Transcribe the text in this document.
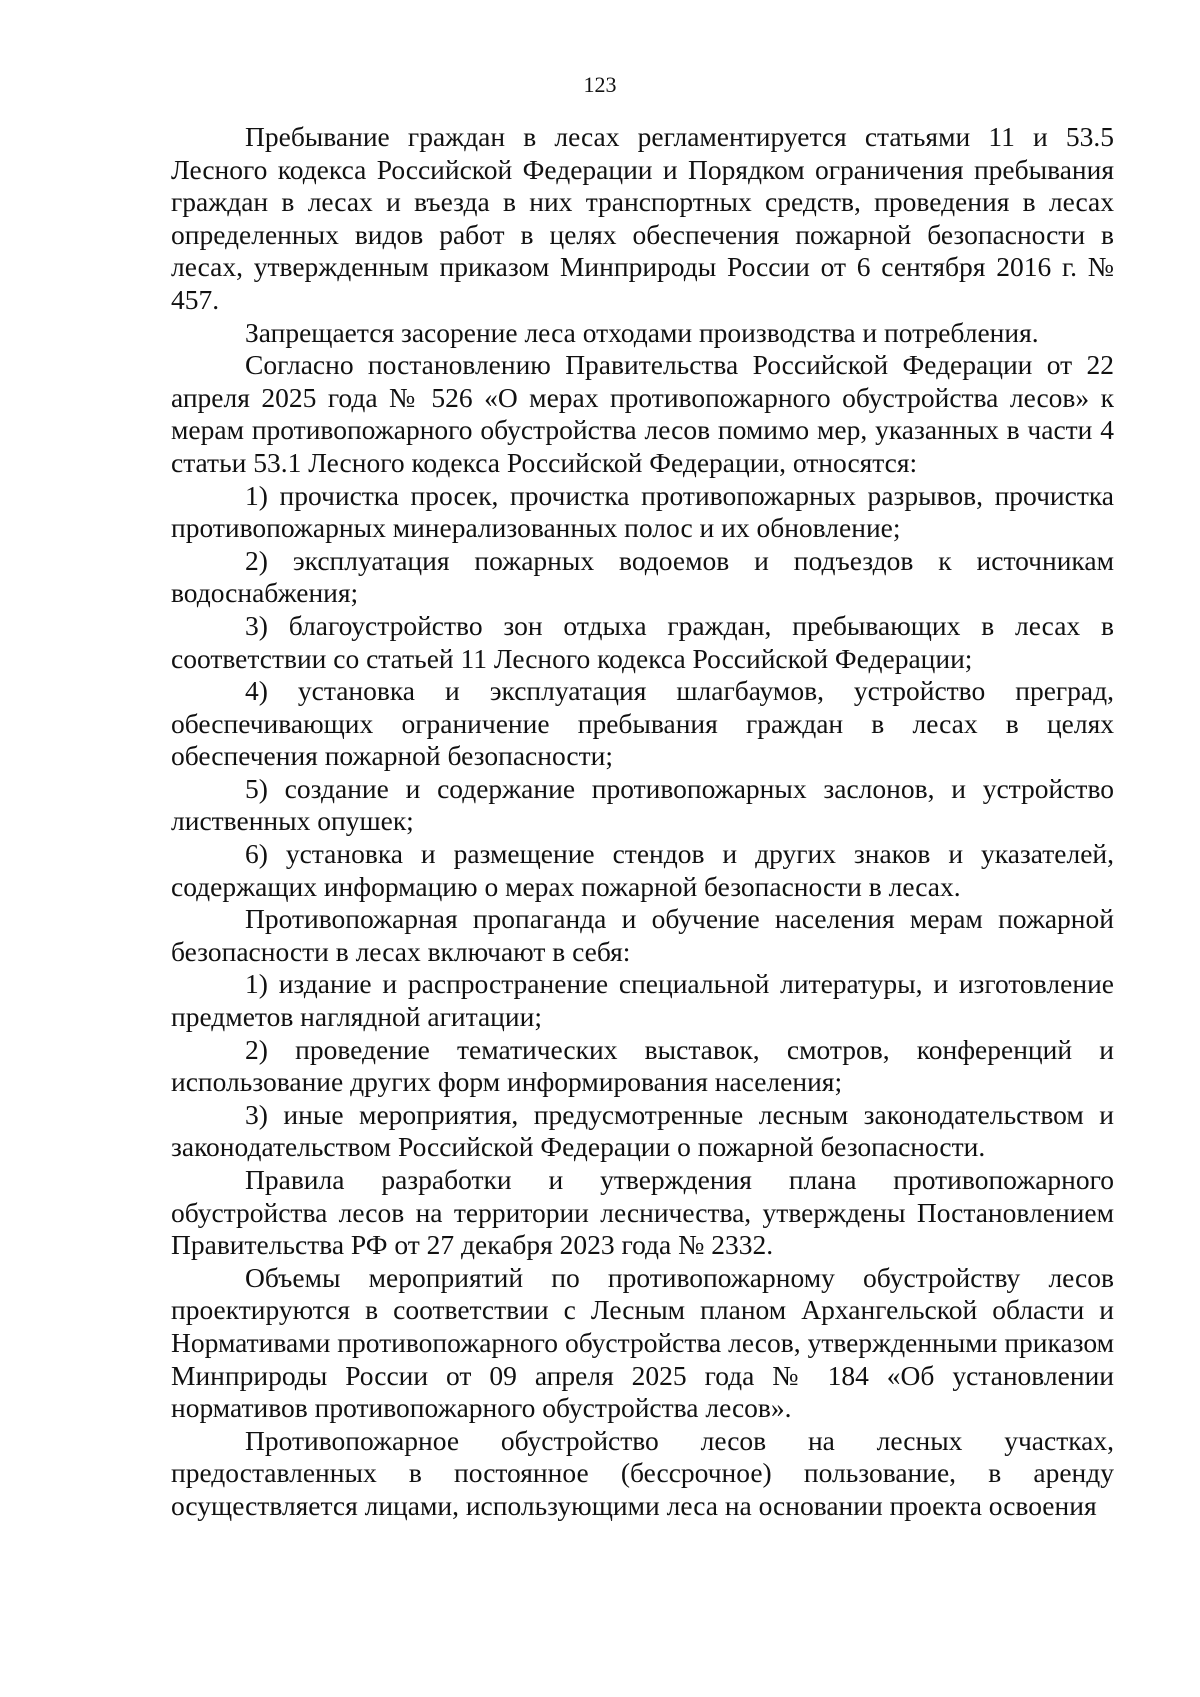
123

Пребывание граждан в лесах регламентируется статьями 11 и 53.5 Лесного кодекса Российской Федерации и Порядком ограничения пребывания граждан в лесах и въезда в них транспортных средств, проведения в лесах определенных видов работ в целях обеспечения пожарной безопасности в лесах, утвержденным приказом Минприроды России от 6 сентября 2016 г. № 457.

Запрещается засорение леса отходами производства и потребления.

Согласно постановлению Правительства Российской Федерации от 22 апреля 2025 года № 526 «О мерах противопожарного обустройства лесов» к мерам противопожарного обустройства лесов помимо мер, указанных в части 4 статьи 53.1 Лесного кодекса Российской Федерации, относятся:

1) прочистка просек, прочистка противопожарных разрывов, прочистка противопожарных минерализованных полос и их обновление;

2) эксплуатация пожарных водоемов и подъездов к источникам водоснабжения;

3) благоустройство зон отдыха граждан, пребывающих в лесах в соответствии со статьей 11 Лесного кодекса Российской Федерации;

4) установка и эксплуатация шлагбаумов, устройство преград, обеспечивающих ограничение пребывания граждан в лесах в целях обеспечения пожарной безопасности;

5) создание и содержание противопожарных заслонов, и устройство лиственных опушек;

6) установка и размещение стендов и других знаков и указателей, содержащих информацию о мерах пожарной безопасности в лесах.

Противопожарная пропаганда и обучение населения мерам пожарной безопасности в лесах включают в себя:

1) издание и распространение специальной литературы, и изготовление предметов наглядной агитации;

2) проведение тематических выставок, смотров, конференций и использование других форм информирования населения;

3) иные мероприятия, предусмотренные лесным законодательством и законодательством Российской Федерации о пожарной безопасности.

Правила разработки и утверждения плана противопожарного обустройства лесов на территории лесничества, утверждены Постановлением Правительства РФ от 27 декабря 2023 года № 2332.

Объемы мероприятий по противопожарному обустройству лесов проектируются в соответствии с Лесным планом Архангельской области и Нормативами противопожарного обустройства лесов, утвержденными приказом Минприроды России от 09 апреля 2025 года № 184 «Об установлении нормативов противопожарного обустройства лесов».

Противопожарное обустройство лесов на лесных участках, предоставленных в постоянное (бессрочное) пользование, в аренду осуществляется лицами, использующими леса на основании проекта освоения
